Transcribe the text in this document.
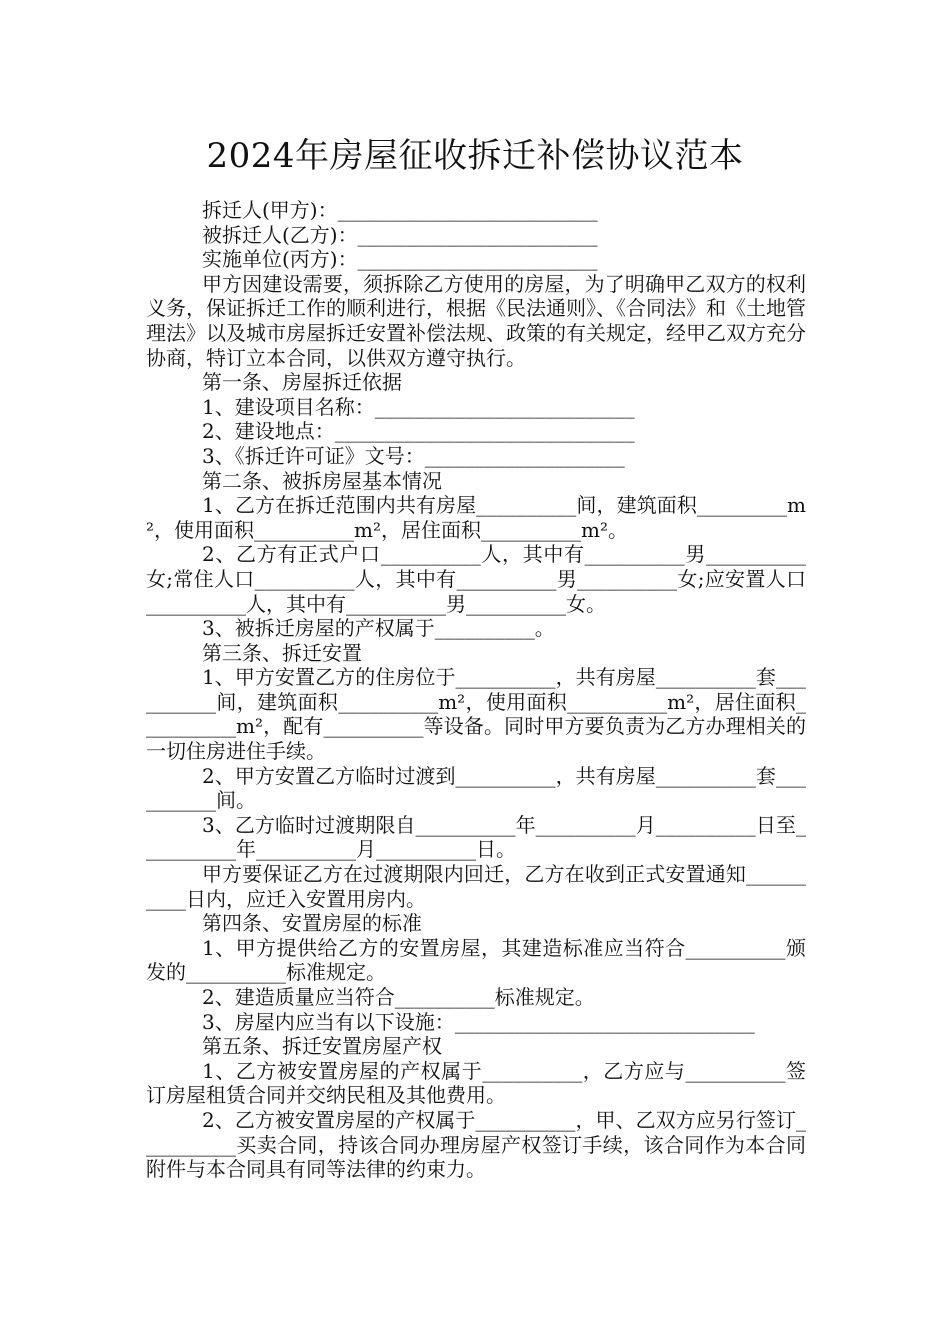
2024年房屋征收拆迁补偿协议范本

拆迁人(甲方)：__________________________

被拆迁人(乙方)：________________________

实施单位(丙方)：________________________

甲方因建设需要，须拆除乙方使用的房屋，为了明确甲乙双方的权利义务，保证拆迁工作的顺利进行，根据《民法通则》、《合同法》和《土地管理法》以及城市房屋拆迁安置补偿法规、政策的有关规定，经甲乙双方充分协商，特订立本合同，以供双方遵守执行。

第一条、房屋拆迁依据

1、建设项目名称：__________________________

2、建设地点：______________________________

3、《拆迁许可证》文号：____________________

第二条、被拆房屋基本情况

1、乙方在拆迁范围内共有房屋__________间，建筑面积_________m²，使用面积__________m²，居住面积__________m²。

2、乙方有正式户口__________人，其中有__________男__________女;常住人口__________人，其中有__________男__________女;应安置人口__________人，其中有__________男__________女。

3、被拆迁房屋的产权属于__________。

第三条、拆迁安置

1、甲方安置乙方的住房位于__________，共有房屋__________套__________间，建筑面积__________m²，使用面积__________m²，居住面积__________m²，配有__________等设备。同时甲方要负责为乙方办理相关的一切住房进住手续。

2、甲方安置乙方临时过渡到__________，共有房屋__________套__________间。

3、乙方临时过渡期限自__________年__________月__________日至__________年__________月__________日。

甲方要保证乙方在过渡期限内回迁，乙方在收到正式安置通知__________日内，应迁入安置用房内。

第四条、安置房屋的标准

1、甲方提供给乙方的安置房屋，其建造标准应当符合__________颁发的__________标准规定。

2、建造质量应当符合__________标准规定。

3、房屋内应当有以下设施：______________________________

第五条、拆迁安置房屋产权

1、乙方被安置房屋的产权属于__________，乙方应与__________签订房屋租赁合同并交纳民租及其他费用。

2、乙方被安置房屋的产权属于__________，甲、乙双方应另行签订__________买卖合同，持该合同办理房屋产权签订手续，该合同作为本合同附件与本合同具有同等法律的约束力。
